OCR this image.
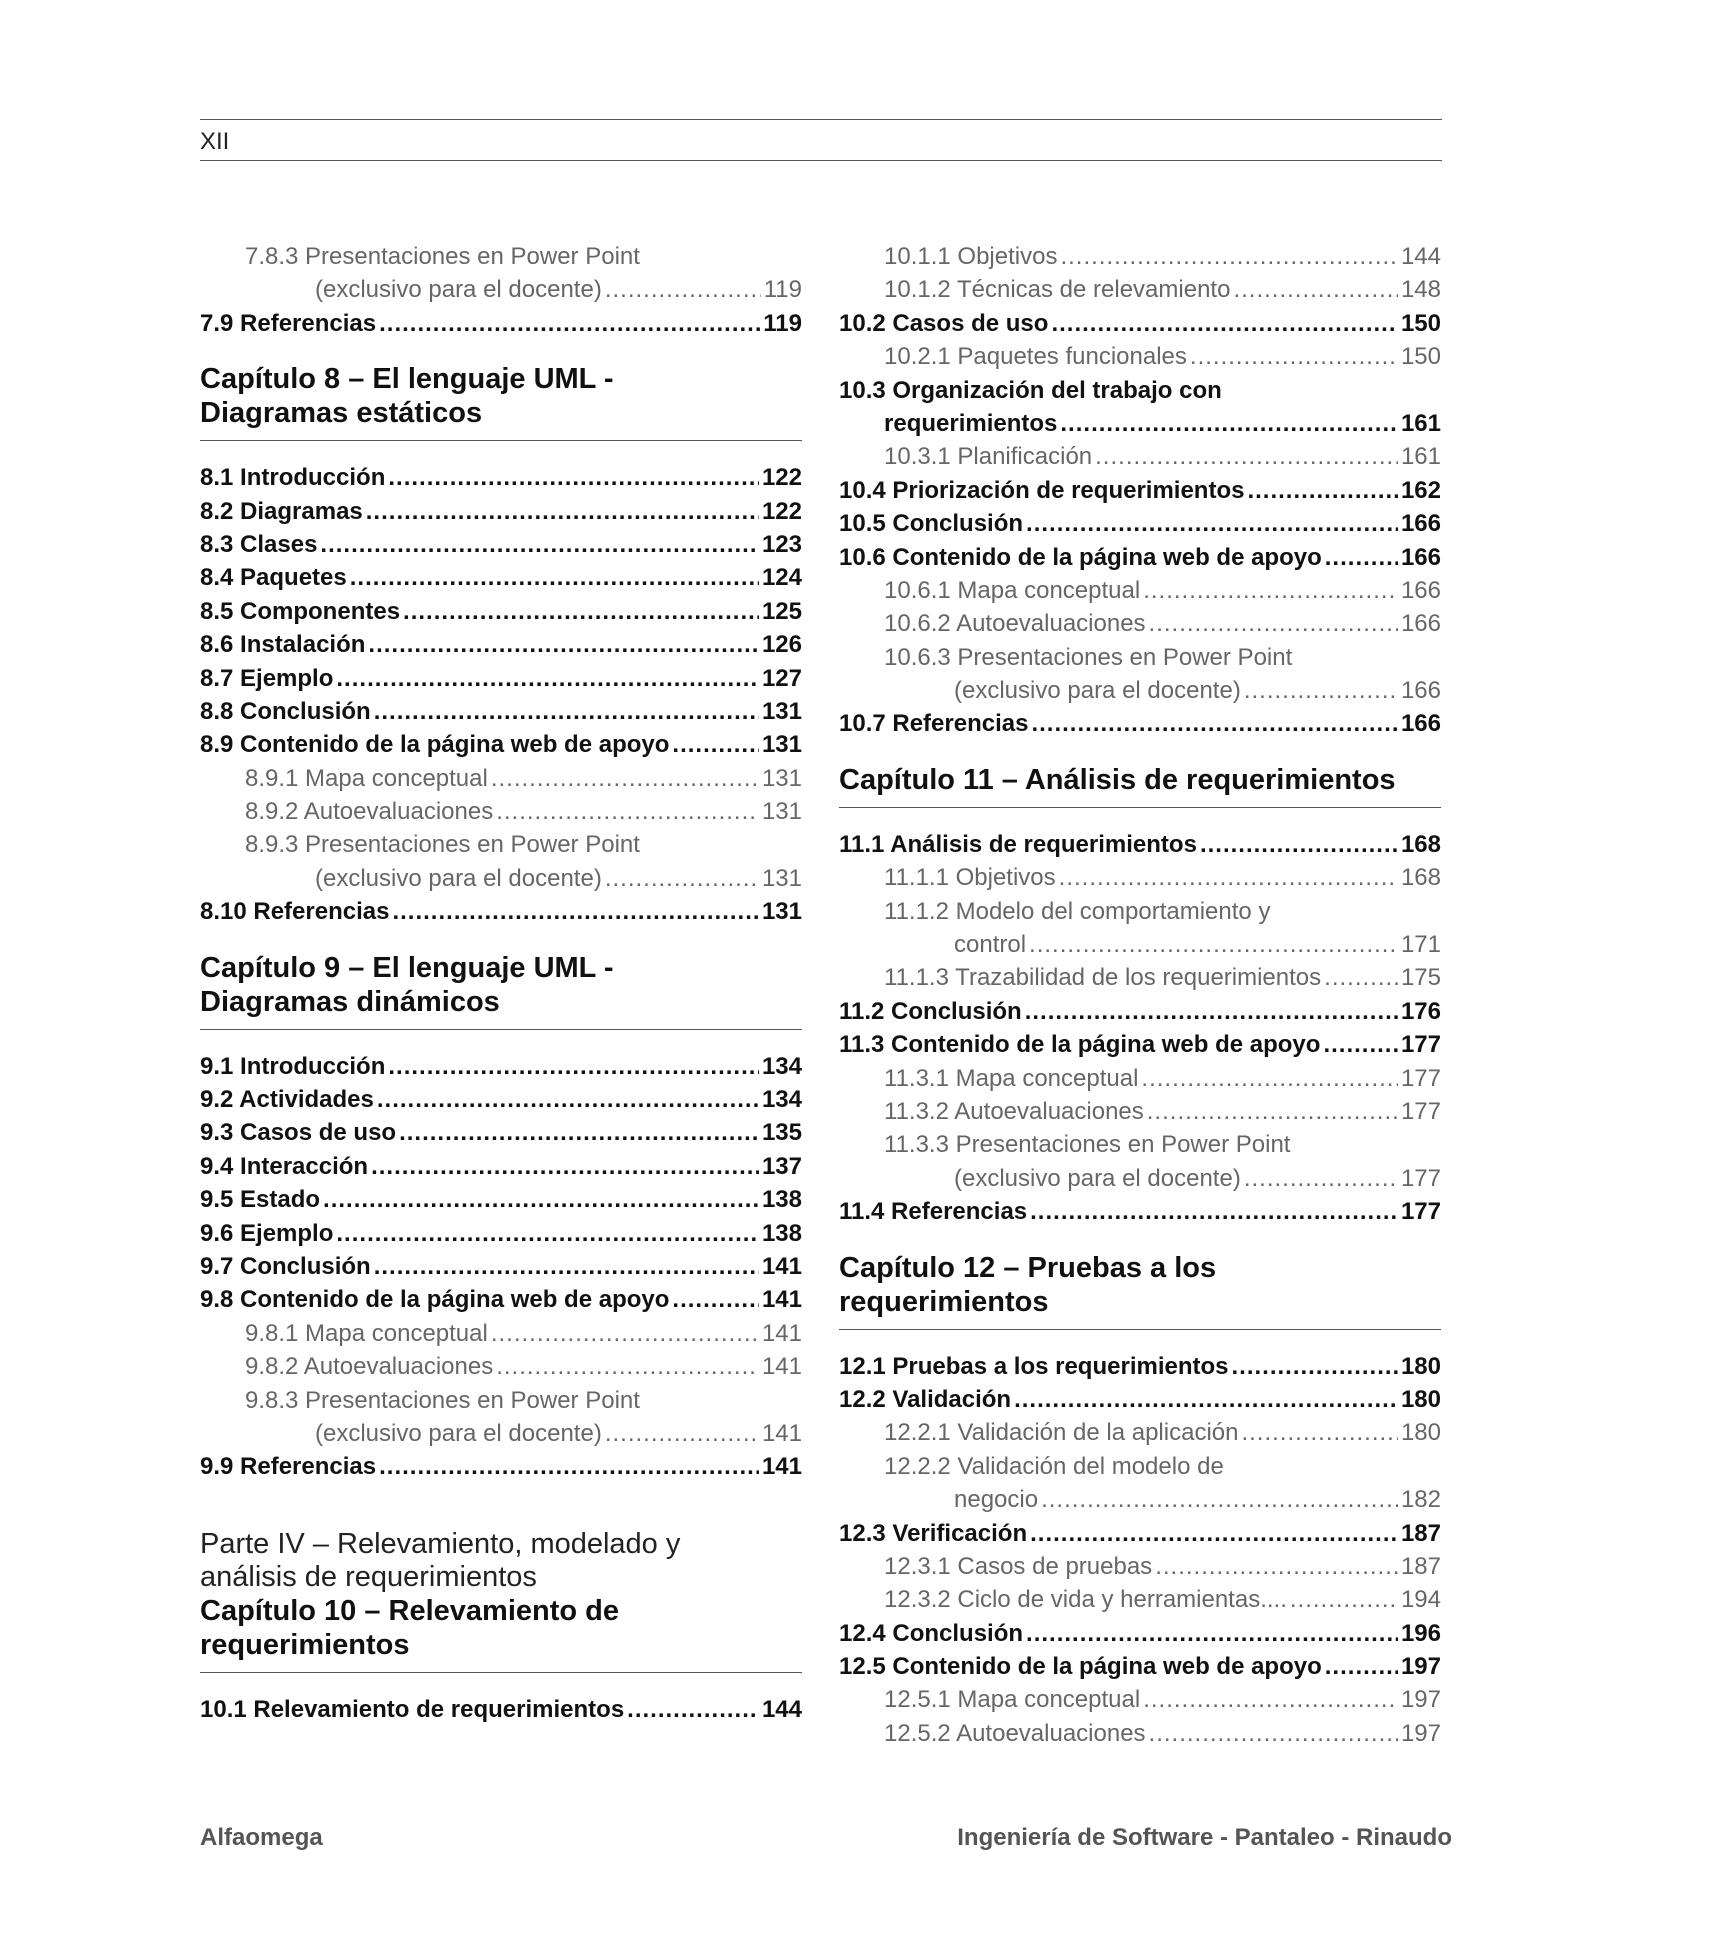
XII
7.8.3 Presentaciones en Power Point
(exclusivo para el docente) .....	119
7.9 Referencias .....	119
Capítulo 8 – El lenguaje UML -
Diagramas estáticos
8.1 Introducción .....	122
8.2 Diagramas .....	122
8.3 Clases .....	123
8.4 Paquetes .....	124
8.5 Componentes .....	125
8.6 Instalación .....	126
8.7 Ejemplo .....	127
8.8 Conclusión .....	131
8.9 Contenido de la página web de apoyo .....	131
8.9.1 Mapa conceptual .....	131
8.9.2 Autoevaluaciones .....	131
8.9.3 Presentaciones en Power Point
(exclusivo para el docente) .....	131
8.10 Referencias .....	131
Capítulo 9 – El lenguaje UML -
Diagramas dinámicos
9.1 Introducción .....	134
9.2 Actividades .....	134
9.3 Casos de uso .....	135
9.4 Interacción .....	137
9.5 Estado .....	138
9.6 Ejemplo .....	138
9.7 Conclusión .....	141
9.8 Contenido de la página web de apoyo .....	141
9.8.1 Mapa conceptual .....	141
9.8.2 Autoevaluaciones .....	141
9.8.3 Presentaciones en Power Point
(exclusivo para el docente) .....	141
9.9 Referencias .....	141
Parte IV – Relevamiento, modelado y
análisis de requerimientos
Capítulo 10 – Relevamiento de
requerimientos
10.1 Relevamiento de requerimientos .....	144
10.1.1 Objetivos .....	144
10.1.2 Técnicas de relevamiento .....	148
10.2 Casos de uso .....	150
10.2.1 Paquetes funcionales .....	150
10.3 Organización del trabajo con
requerimientos .....	161
10.3.1 Planificación .....	161
10.4 Priorización de requerimientos .....	162
10.5 Conclusión .....	166
10.6 Contenido de la página web de apoyo .....	166
10.6.1 Mapa conceptual .....	166
10.6.2 Autoevaluaciones .....	166
10.6.3 Presentaciones en Power Point
(exclusivo para el docente) .....	166
10.7 Referencias .....	166
Capítulo 11 – Análisis de requerimientos
11.1 Análisis de requerimientos .....	168
11.1.1 Objetivos .....	168
11.1.2 Modelo del comportamiento y
control .....	171
11.1.3 Trazabilidad de los requerimientos .....	175
11.2 Conclusión .....	176
11.3 Contenido de la página web de apoyo .....	177
11.3.1 Mapa conceptual .....	177
11.3.2 Autoevaluaciones .....	177
11.3.3 Presentaciones en Power Point
(exclusivo para el docente) .....	177
11.4 Referencias .....	177
Capítulo 12 – Pruebas a los
requerimientos
12.1 Pruebas a los requerimientos .....	180
12.2 Validación .....	180
12.2.1 Validación de la aplicación .....	180
12.2.2 Validación del modelo de
negocio .....	182
12.3 Verificación .....	187
12.3.1 Casos de pruebas .....	187
12.3.2 Ciclo de vida y herramientas.... .....	194
12.4 Conclusión .....	196
12.5 Contenido de la página web de apoyo .....	197
12.5.1 Mapa conceptual .....	197
12.5.2 Autoevaluaciones .....	197
Alfaomega	Ingeniería de Software - Pantaleo - Rinaudo
